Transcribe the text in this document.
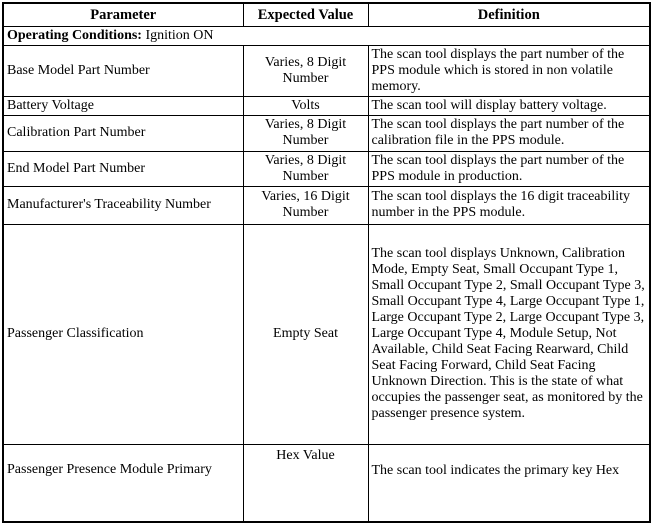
Parameter	Expected Value	Definition
Operating Conditions: Ignition ON		
Base Model Part Number	Varies, 8 Digit Number	The scan tool displays the part number of the PPS module which is stored in non volatile memory.
Battery Voltage	Volts	The scan tool will display battery voltage.
Calibration Part Number	Varies, 8 Digit Number	The scan tool displays the part number of the calibration file in the PPS module.
End Model Part Number	Varies, 8 Digit Number	The scan tool displays the part number of the PPS module in production.
Manufacturer's Traceability Number	Varies, 16 Digit Number	The scan tool displays the 16 digit traceability number in the PPS module.
Passenger Classification	Empty Seat	The scan tool displays Unknown, Calibration Mode, Empty Seat, Small Occupant Type 1, Small Occupant Type 2, Small Occupant Type 3, Small Occupant Type 4, Large Occupant Type 1, Large Occupant Type 2, Large Occupant Type 3, Large Occupant Type 4, Module Setup, Not Available, Child Seat Facing Rearward, Child Seat Facing Forward, Child Seat Facing Unknown Direction. This is the state of what occupies the passenger seat, as monitored by the passenger presence system.
Passenger Presence Module Primary	Hex Value	The scan tool indicates the primary key Hex
